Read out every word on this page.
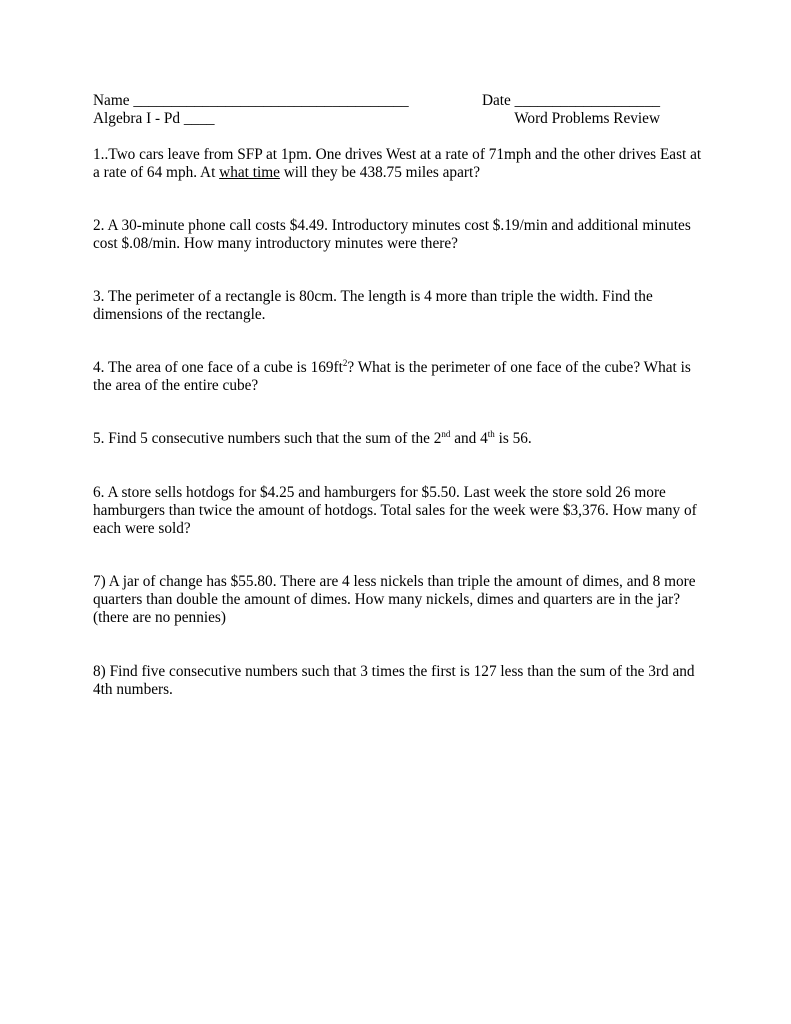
Name ____________________________________	Date ___________________
Algebra I - Pd ____	Word Problems Review
1..Two cars leave from SFP at 1pm. One drives West at a rate of 71mph and the other drives East at a rate of 64 mph. At what time will they be 438.75 miles apart?
2. A 30-minute phone call costs $4.49. Introductory minutes cost $.19/min and additional minutes cost $.08/min. How many introductory minutes were there?
3. The perimeter of a rectangle is 80cm. The length is 4 more than triple the width. Find the dimensions of the rectangle.
4. The area of one face of a cube is $169ft^2$? What is the perimeter of one face of the cube? What is the area of the entire cube?
5. Find 5 consecutive numbers such that the sum of the 2nd and 4th is 56.
6. A store sells hotdogs for $4.25 and hamburgers for $5.50. Last week the store sold 26 more hamburgers than twice the amount of hotdogs. Total sales for the week were $3,376. How many of each were sold?
7) A jar of change has $55.80. There are 4 less nickels than triple the amount of dimes, and 8 more quarters than double the amount of dimes. How many nickels, dimes and quarters are in the jar? (there are no pennies)
8) Find five consecutive numbers such that 3 times the first is 127 less than the sum of the 3rd and 4th numbers.
